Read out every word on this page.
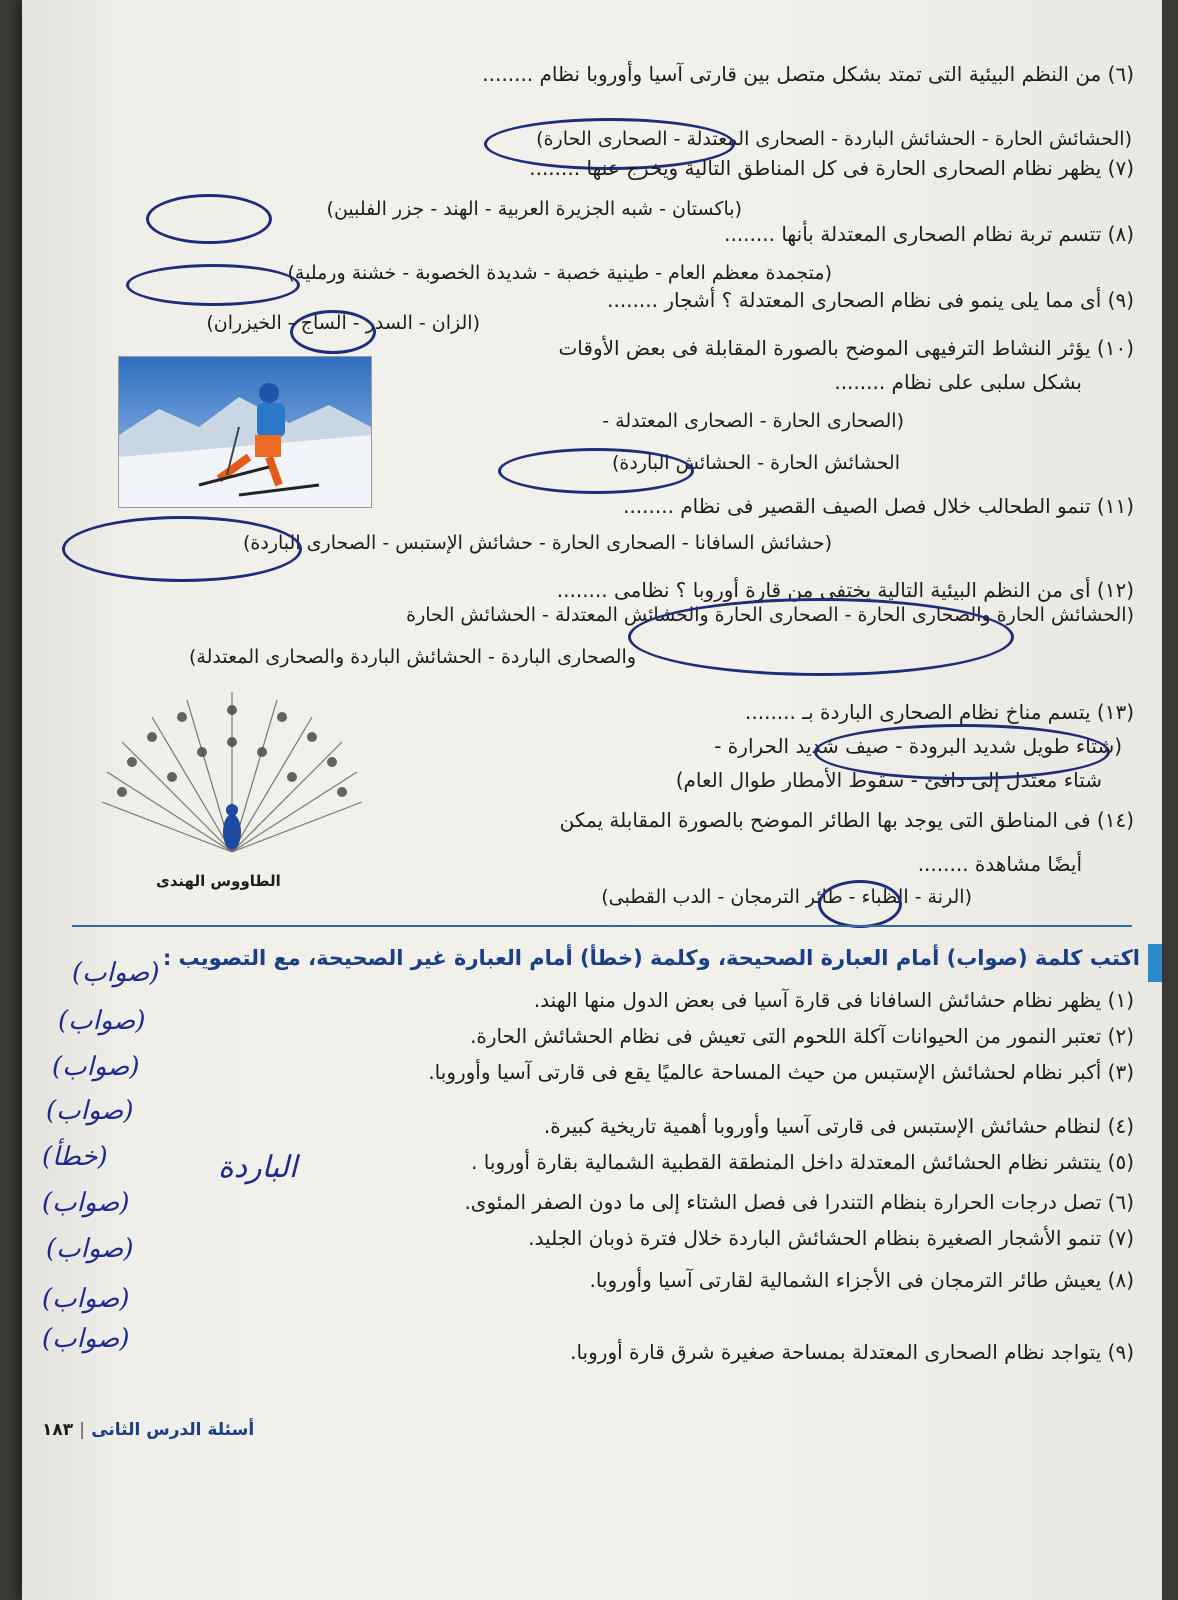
(٦) من النظم البيئية التى تمتد بشكل متصل بين قارتى آسيا وأوروبا نظام ........
(الحشائش الحارة - الحشائش الباردة - الصحارى المعتدلة - الصحارى الحارة)
(٧) يظهر نظام الصحارى الحارة فى كل المناطق التالية ويخرج عنها ........
(باكستان - شبه الجزيرة العربية - الهند - جزر الفلبين)
(٨) تتسم تربة نظام الصحارى المعتدلة بأنها ........
(متجمدة معظم العام - طينية خصبة - شديدة الخصوبة - خشنة ورملية)
(٩) أى مما يلى ينمو فى نظام الصحارى المعتدلة ؟ أشجار ........
(الزان - السدر - الساج - الخيزران)
(١٠) يؤثر النشاط الترفيهى الموضح بالصورة المقابلة فى بعض الأوقات
بشكل سلبى على نظام ........
(الصحارى الحارة - الصحارى المعتدلة -
الحشائش الحارة - الحشائش الباردة)
(١١) تنمو الطحالب خلال فصل الصيف القصير فى نظام ........
(حشائش السافانا - الصحارى الحارة - حشائش الإستبس - الصحارى الباردة)
(١٢) أى من النظم البيئية التالية يختفى من قارة أوروبا ؟ نظامى ........
(الحشائش الحارة والصحارى الحارة - الصحارى الحارة والحشائش المعتدلة - الحشائش الحارة
والصحارى الباردة - الحشائش الباردة والصحارى المعتدلة)
(١٣) يتسم مناخ نظام الصحارى الباردة بـ ........
(شتاء طويل شديد البرودة - صيف شديد الحرارة -
شتاء معتدل إلى دافئ - سقوط الأمطار طوال العام)
الطاووس الهندى
(١٤) فى المناطق التى يوجد بها الطائر الموضح بالصورة المقابلة يمكن
أيضًا مشاهدة ........
(الرنة - الظباء - طائر الترمجان - الدب القطبى)
اكتب كلمة (صواب) أمام العبارة الصحيحة، وكلمة (خطأ) أمام العبارة غير الصحيحة، مع التصويب :
(١) يظهر نظام حشائش السافانا فى قارة آسيا فى بعض الدول منها الهند.
(٢) تعتبر النمور من الحيوانات آكلة اللحوم التى تعيش فى نظام الحشائش الحارة.
(٣) أكبر نظام لحشائش الإستبس من حيث المساحة عالميًا يقع فى قارتى آسيا وأوروبا.
(٤) لنظام حشائش الإستبس فى قارتى آسيا وأوروبا أهمية تاريخية كبيرة.
(٥) ينتشر نظام الحشائش المعتدلة داخل المنطقة القطبية الشمالية بقارة أوروبا .
(٦) تصل درجات الحرارة بنظام التندرا فى فصل الشتاء إلى ما دون الصفر المئوى.
(٧) تنمو الأشجار الصغيرة بنظام الحشائش الباردة خلال فترة ذوبان الجليد.
(٨) يعيش طائر الترمجان فى الأجزاء الشمالية لقارتى آسيا وأوروبا.
(٩) يتواجد نظام الصحارى المعتدلة بمساحة صغيرة شرق قارة أوروبا.
(صواب)
(صواب)
(صواب)
(صواب)
(خطأ)
(صواب)
(صواب)
(صواب)
(صواب)
الباردة
أسئلة الدرس الثانى | ١٨٣
